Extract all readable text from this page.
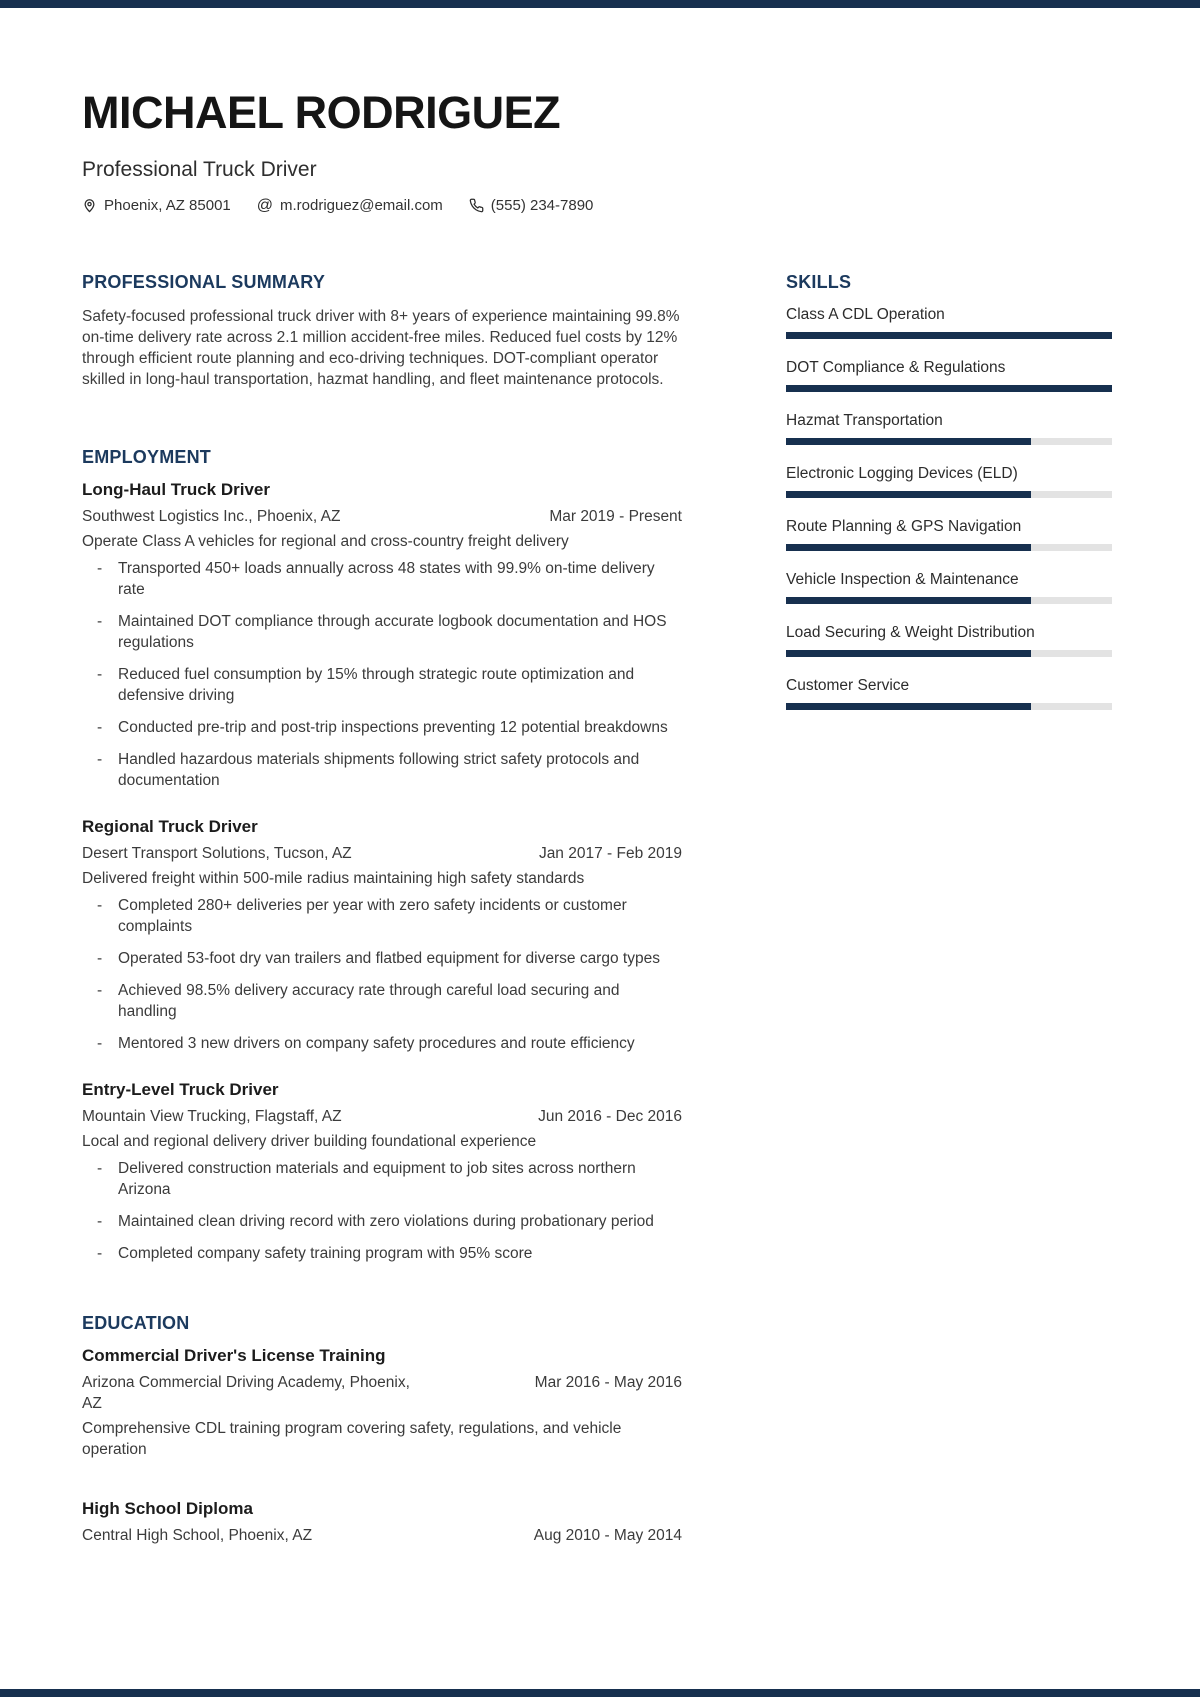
MICHAEL RODRIGUEZ

Professional Truck Driver

Phoenix, AZ 85001 @ m.rodriguez@email.com	(555) 234-7890
PROFESSIONAL SUMMARY

Safety-focused professional truck driver with 8+ years of experience maintaining 99.8% on-time delivery rate across 2.1 million accident-free miles. Reduced fuel costs by 12% through efficient route planning and eco-driving techniques. DOT-compliant operator skilled in long-haul transportation, hazmat handling, and fleet maintenance protocols.

EMPLOYMENT
Long-Haul Truck Driver
Southwest Logistics Inc., Phoenix, AZ	Mar 2019 - Present

Operate Class A vehicles for regional and cross-country freight delivery

-	Transported 450+ loads annually across 48 states with 99.9% on-time delivery rate
-	Maintained DOT compliance through accurate logbook documentation and HOS regulations
-	Reduced fuel consumption by 15% through strategic route optimization and defensive driving
-	Conducted pre-trip and post-trip inspections preventing 12 potential breakdowns
-	Handled hazardous materials shipments following strict safety protocols and documentation
Regional Truck Driver
Desert Transport Solutions, Tucson, AZ	Jan 2017 - Feb 2019

Delivered freight within 500-mile radius maintaining high safety standards

-	Completed 280+ deliveries per year with zero safety incidents or customer complaints
-	Operated 53-foot dry van trailers and flatbed equipment for diverse cargo types
-	Achieved 98.5% delivery accuracy rate through careful load securing and handling
-	Mentored 3 new drivers on company safety procedures and route efficiency
Entry-Level Truck Driver
Mountain View Trucking, Flagstaff, AZ	Jun 2016 - Dec 2016

Local and regional delivery driver building foundational experience

-	Delivered construction materials and equipment to job sites across northern Arizona
-	Maintained clean driving record with zero violations during probationary period
-	Completed company safety training program with 95% score
EDUCATION
Commercial Driver's License Training
Arizona Commercial Driving Academy, Phoenix, AZ
Mar 2016 - May 2016

Comprehensive CDL training program covering safety, regulations, and vehicle operation

High School Diploma
Central High School, Phoenix, AZ	Aug 2010 - May 2014
SKILLS
Class A CDL Operation
DOT Compliance & Regulations
Hazmat Transportation
Electronic Logging Devices (ELD)
Route Planning & GPS Navigation
Vehicle Inspection & Maintenance
Load Securing & Weight Distribution
Customer Service
